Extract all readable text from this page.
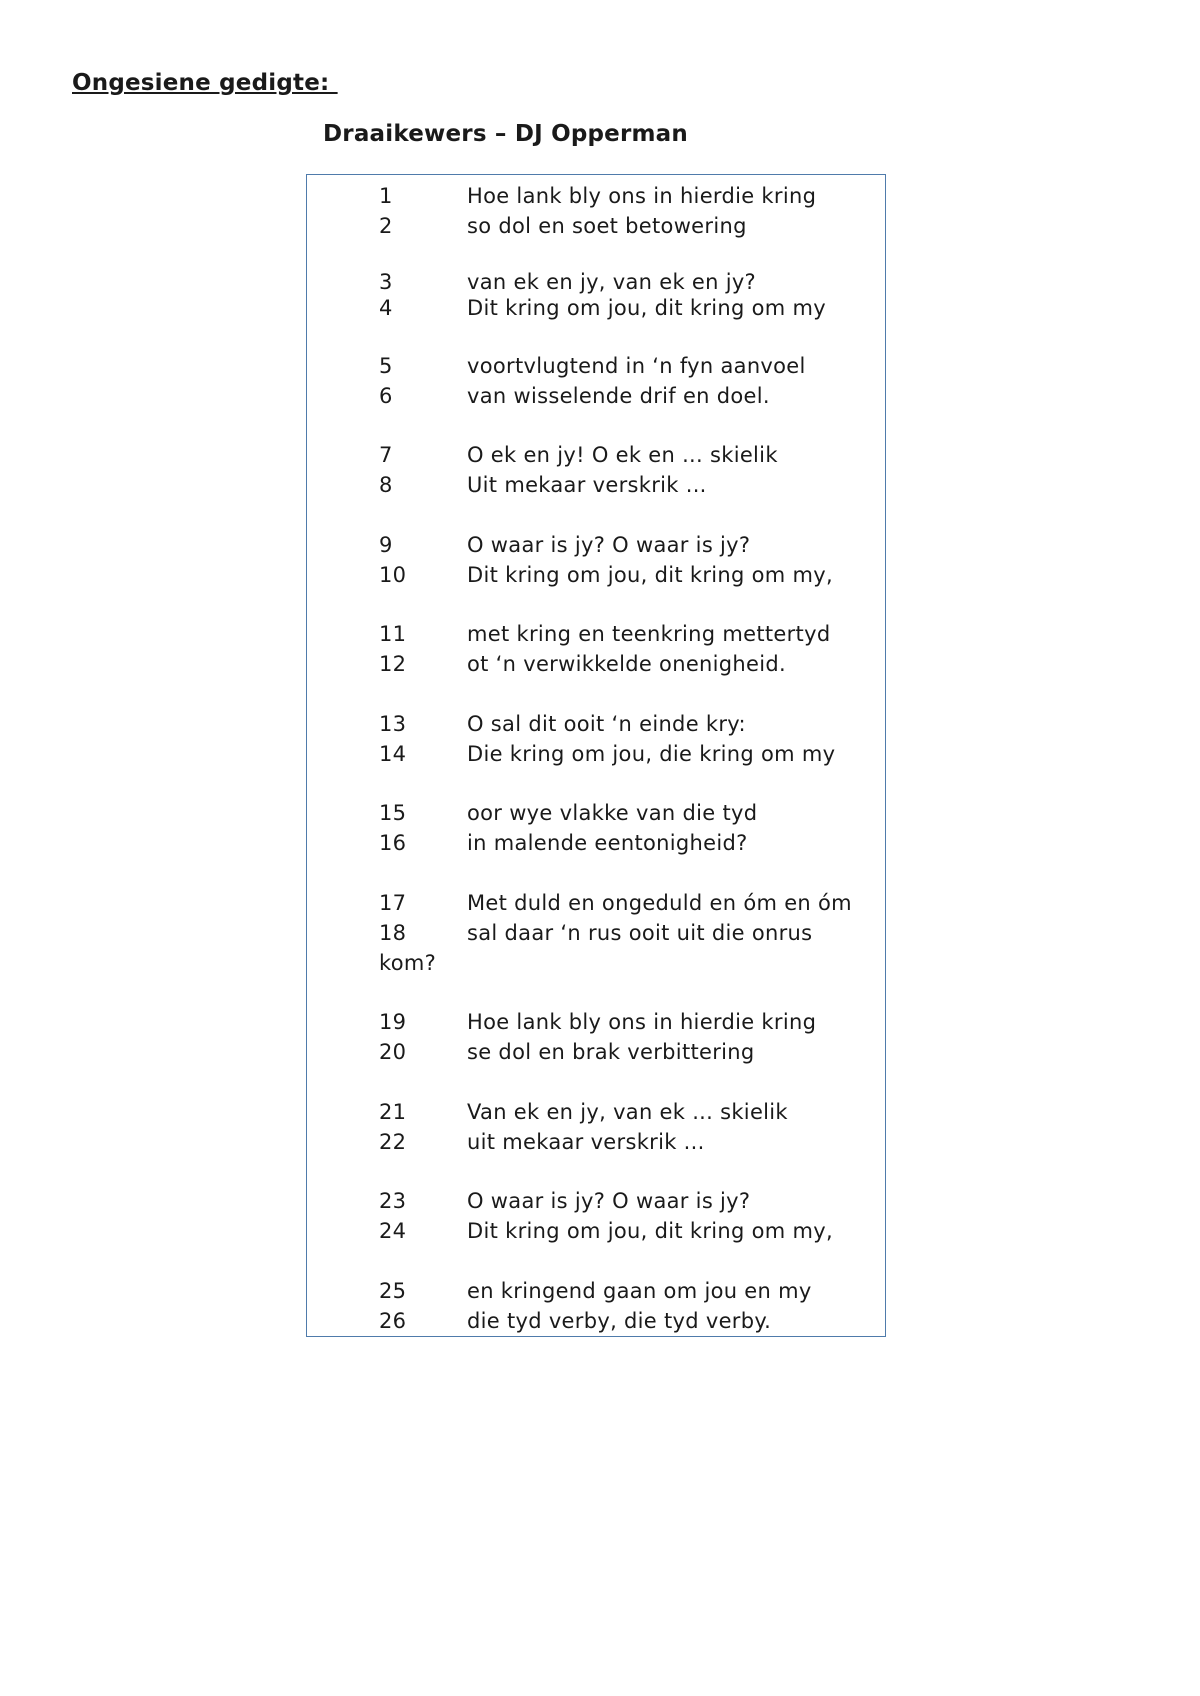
Ongesiene gedigte:
Draaikewers – DJ Opperman
1	Hoe lank bly ons in hierdie kring
2	so dol en soet betowering
3	van ek en jy, van ek en jy?
4	Dit kring om jou, dit kring om my
5	voortvlugtend in ‘n fyn aanvoel
6	van wisselende drif en doel.
7	O ek en jy! O ek en ... skielik
8	Uit mekaar verskrik ...
9	O waar is jy? O waar is jy?
10	Dit kring om jou, dit kring om my,
11	met kring en teenkring mettertyd
12	ot ‘n verwikkelde onenigheid.
13	O sal dit ooit ‘n einde kry:
14	Die kring om jou, die kring om my
15	oor wye vlakke van die tyd
16	in malende eentonigheid?
17	Met duld en ongeduld en óm en óm
18	sal daar ‘n rus ooit uit die onrus
kom?
19	Hoe lank bly ons in hierdie kring
20	se dol en brak verbittering
21	Van ek en jy, van ek ... skielik
22	uit mekaar verskrik ...
23	O waar is jy? O waar is jy?
24	Dit kring om jou, dit kring om my,
25	en kringend gaan om jou en my
26	die tyd verby, die tyd verby.
